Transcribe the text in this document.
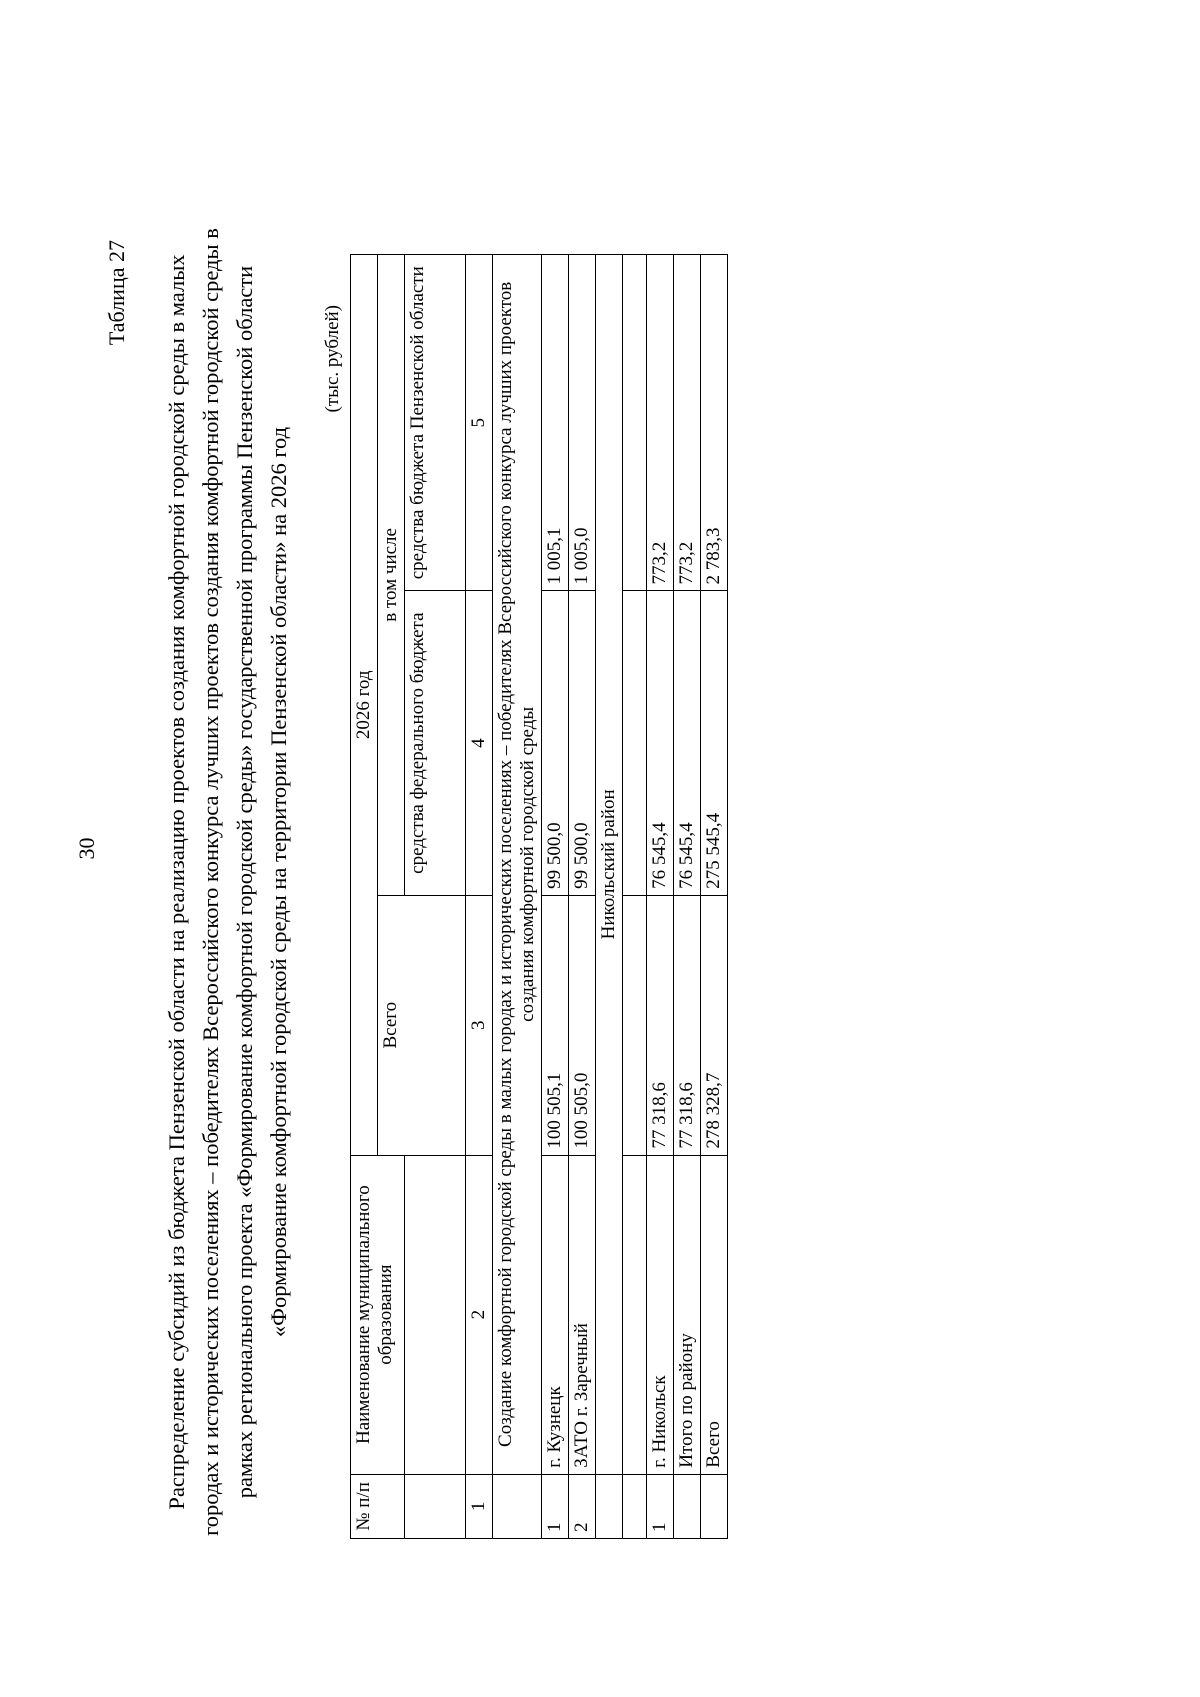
30
Таблица 27 Распределение субсидий из бюджета Пензенской области на реализацию проектов создания комфортной городской среды в малых городах и исторических поселениях – победителях Всероссийского конкурса лучших проектов создания комфортной городской среды в рамках регионального проекта «Формирование комфортной городской среды» государственной программы Пензенской области «Формирование комфортной городской среды на территории Пензенской области» на 2026 год
(тыс. рублей)
№ п/п	Наименование муниципального образования	2026 год		
		Всего	в том числе	
			средства федерального бюджета	средства бюджета Пензенской области
1	2	3	4	5
	Создание комфортной городской среды в малых городах и исторических поселениях – победителях Всероссийского конкурса лучших проектов создания комфортной городской среды			
1	г. Кузнецк	100 505,1	99 500,0	1 005,1
2	ЗАТО г. Заречный	100 505,0	99 500,0	1 005,0
	Никольский район			

1	г. Никольск	77 318,6	76 545,4	773,2
	Итого по району	77 318,6	76 545,4	773,2
	Всего	278 328,7	275 545,4	2 783,3
